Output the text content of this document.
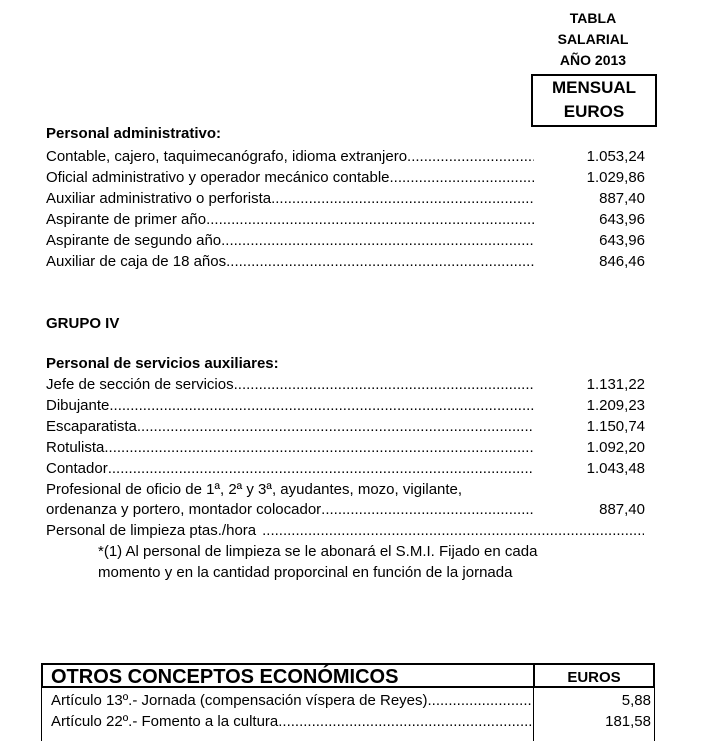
TABLA
SALARIAL
AÑO 2013
MENSUAL
EUROS
Personal administrativo:
Contable, cajero, taquimecanógrafo, idioma extranjero .....	1.053,24
Oficial administrativo y operador mecánico contable .....	1.029,86
Auxiliar administrativo o perforista .....	887,40
Aspirante de primer año .....	643,96
Aspirante de segundo año .....	643,96
Auxiliar de caja de 18 años .....	846,46
GRUPO IV
Personal de servicios auxiliares:
Jefe de sección de servicios .....	1.131,22
Dibujante .....	1.209,23
Escaparatista .....	1.150,74
Rotulista .....	1.092,20
Contador .....	1.043,48
Profesional de oficio de 1ª, 2ª y 3ª, ayudantes, mozo, vigilante,
ordenanza y portero, montador colocador .....	887,40
Personal de limpieza ptas./hora
.....
*(1) Al personal de limpieza se le abonará el S.M.I. Fijado en cada momento y en la cantidad proporcinal en función de la jornada
OTROS CONCEPTOS ECONÓMICOS	EUROS
Artículo 13º.- Jornada (compensación víspera de Reyes) .....	5,88
Artículo 22º.- Fomento a la cultura .....	181,58
